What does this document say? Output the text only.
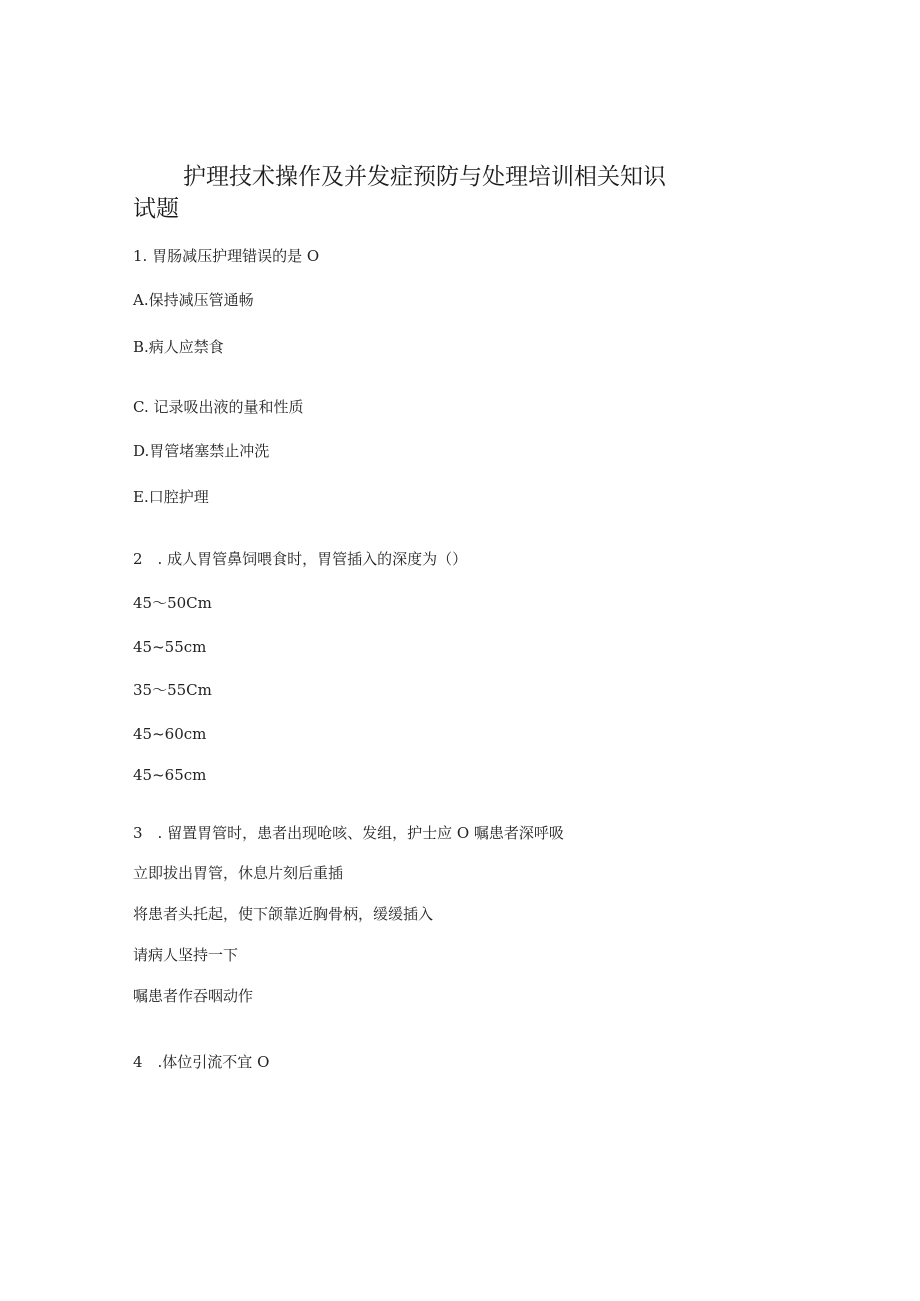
护理技术操作及并发症预防与处理培训相关知识
试题
1. 胃肠减压护理错误的是 O
A.保持减压管通畅
B.病人应禁食
C. 记录吸出液的量和性质
D.胃管堵塞禁止冲洗
E.口腔护理
2　. 成人胃管鼻饲喂食时，胃管插入的深度为（）
45～50Cm
45~55cm
35～55Cm
45~60cm
45~65cm
3　. 留置胃管时，患者出现呛咳、发组，护士应 O 嘱患者深呼吸
立即拔出胃管，休息片刻后重插
将患者头托起，使下颌靠近胸骨柄，缓缓插入
请病人坚持一下
嘱患者作吞咽动作
4　.体位引流不宜 O
